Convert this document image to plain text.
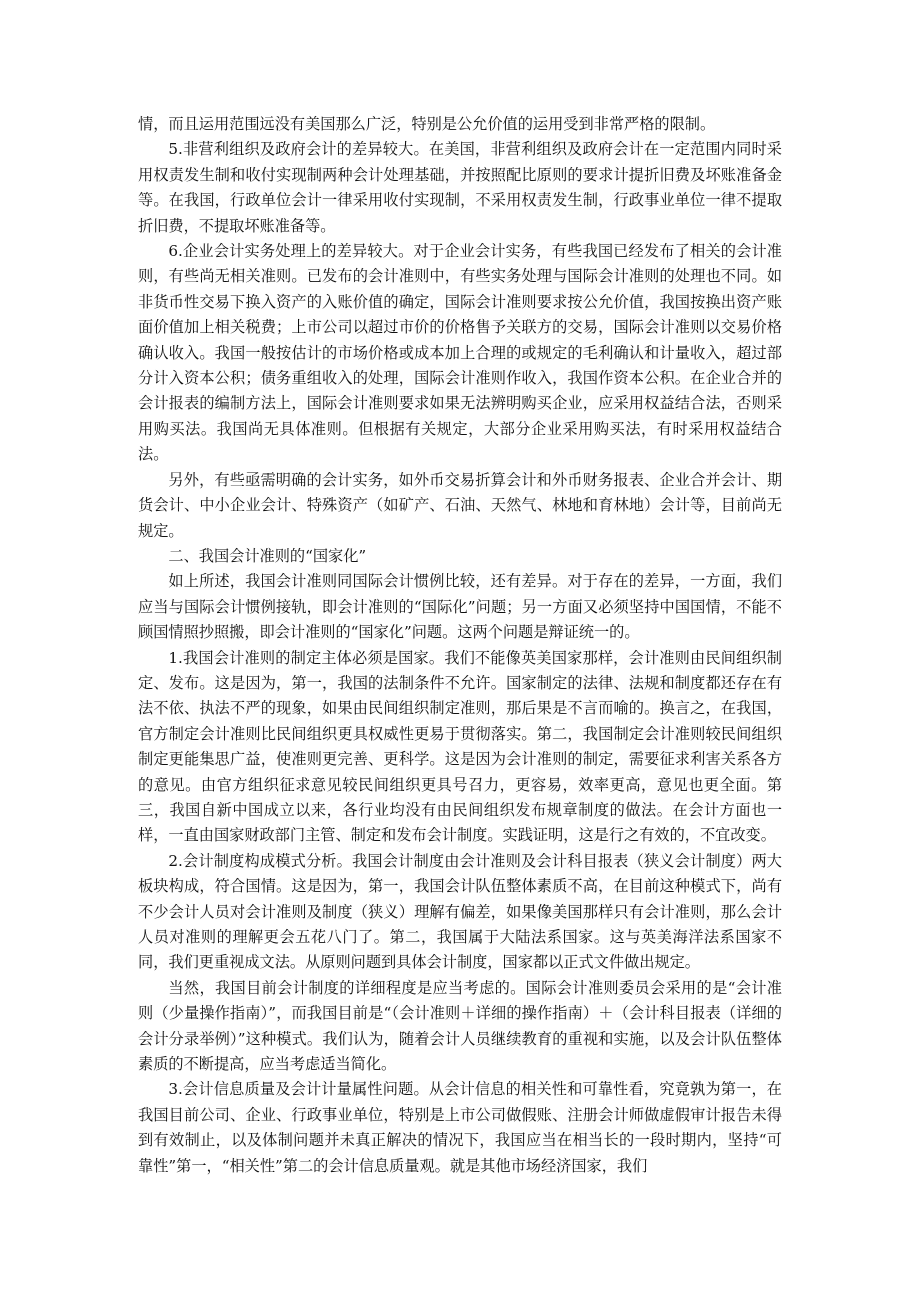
情，而且运用范围远没有美国那么广泛，特别是公允价值的运用受到非常严格的限制。

5.非营利组织及政府会计的差异较大。在美国，非营利组织及政府会计在一定范围内同时采用权责发生制和收付实现制两种会计处理基础，并按照配比原则的要求计提折旧费及坏账准备金等。在我国，行政单位会计一律采用收付实现制，不采用权责发生制，行政事业单位一律不提取折旧费，不提取坏账准备等。

6.企业会计实务处理上的差异较大。对于企业会计实务，有些我国已经发布了相关的会计准则，有些尚无相关准则。已发布的会计准则中，有些实务处理与国际会计准则的处理也不同。如非货币性交易下换入资产的入账价值的确定，国际会计准则要求按公允价值，我国按换出资产账面价值加上相关税费；上市公司以超过市价的价格售予关联方的交易，国际会计准则以交易价格确认收入。我国一般按估计的市场价格或成本加上合理的或规定的毛利确认和计量收入，超过部分计入资本公积；债务重组收入的处理，国际会计准则作收入，我国作资本公积。在企业合并的会计报表的编制方法上，国际会计准则要求如果无法辨明购买企业，应采用权益结合法，否则采用购买法。我国尚无具体准则。但根据有关规定，大部分企业采用购买法，有时采用权益结合法。

另外，有些亟需明确的会计实务，如外币交易折算会计和外币财务报表、企业合并会计、期货会计、中小企业会计、特殊资产（如矿产、石油、天然气、林地和育林地）会计等，目前尚无规定。

二、我国会计准则的“国家化”

如上所述，我国会计准则同国际会计惯例比较，还有差异。对于存在的差异，一方面，我们应当与国际会计惯例接轨，即会计准则的“国际化”问题；另一方面又必须坚持中国国情，不能不顾国情照抄照搬，即会计准则的“国家化”问题。这两个问题是辩证统一的。

1.我国会计准则的制定主体必须是国家。我们不能像英美国家那样，会计准则由民间组织制定、发布。这是因为，第一，我国的法制条件不允许。国家制定的法律、法规和制度都还存在有法不依、执法不严的现象，如果由民间组织制定准则，那后果是不言而喻的。换言之，在我国，官方制定会计准则比民间组织更具权威性更易于贯彻落实。第二，我国制定会计准则较民间组织制定更能集思广益，使准则更完善、更科学。这是因为会计准则的制定，需要征求利害关系各方的意见。由官方组织征求意见较民间组织更具号召力，更容易，效率更高，意见也更全面。第三，我国自新中国成立以来，各行业均没有由民间组织发布规章制度的做法。在会计方面也一样，一直由国家财政部门主管、制定和发布会计制度。实践证明，这是行之有效的，不宜改变。

2.会计制度构成模式分析。我国会计制度由会计准则及会计科目报表（狭义会计制度）两大板块构成，符合国情。这是因为，第一，我国会计队伍整体素质不高，在目前这种模式下，尚有不少会计人员对会计准则及制度（狭义）理解有偏差，如果像美国那样只有会计准则，那么会计人员对准则的理解更会五花八门了。第二，我国属于大陆法系国家。这与英美海洋法系国家不同，我们更重视成文法。从原则问题到具体会计制度，国家都以正式文件做出规定。

当然，我国目前会计制度的详细程度是应当考虑的。国际会计准则委员会采用的是“会计准则（少量操作指南）”，而我国目前是“（会计准则＋详细的操作指南）＋（会计科目报表（详细的会计分录举例）”这种模式。我们认为，随着会计人员继续教育的重视和实施，以及会计队伍整体素质的不断提高，应当考虑适当简化。

3.会计信息质量及会计计量属性问题。从会计信息的相关性和可靠性看，究竟孰为第一，在我国目前公司、企业、行政事业单位，特别是上市公司做假账、注册会计师做虚假审计报告未得到有效制止，以及体制问题并未真正解决的情况下，我国应当在相当长的一段时期内，坚持“可靠性”第一，“相关性”第二的会计信息质量观。就是其他市场经济国家，我们
